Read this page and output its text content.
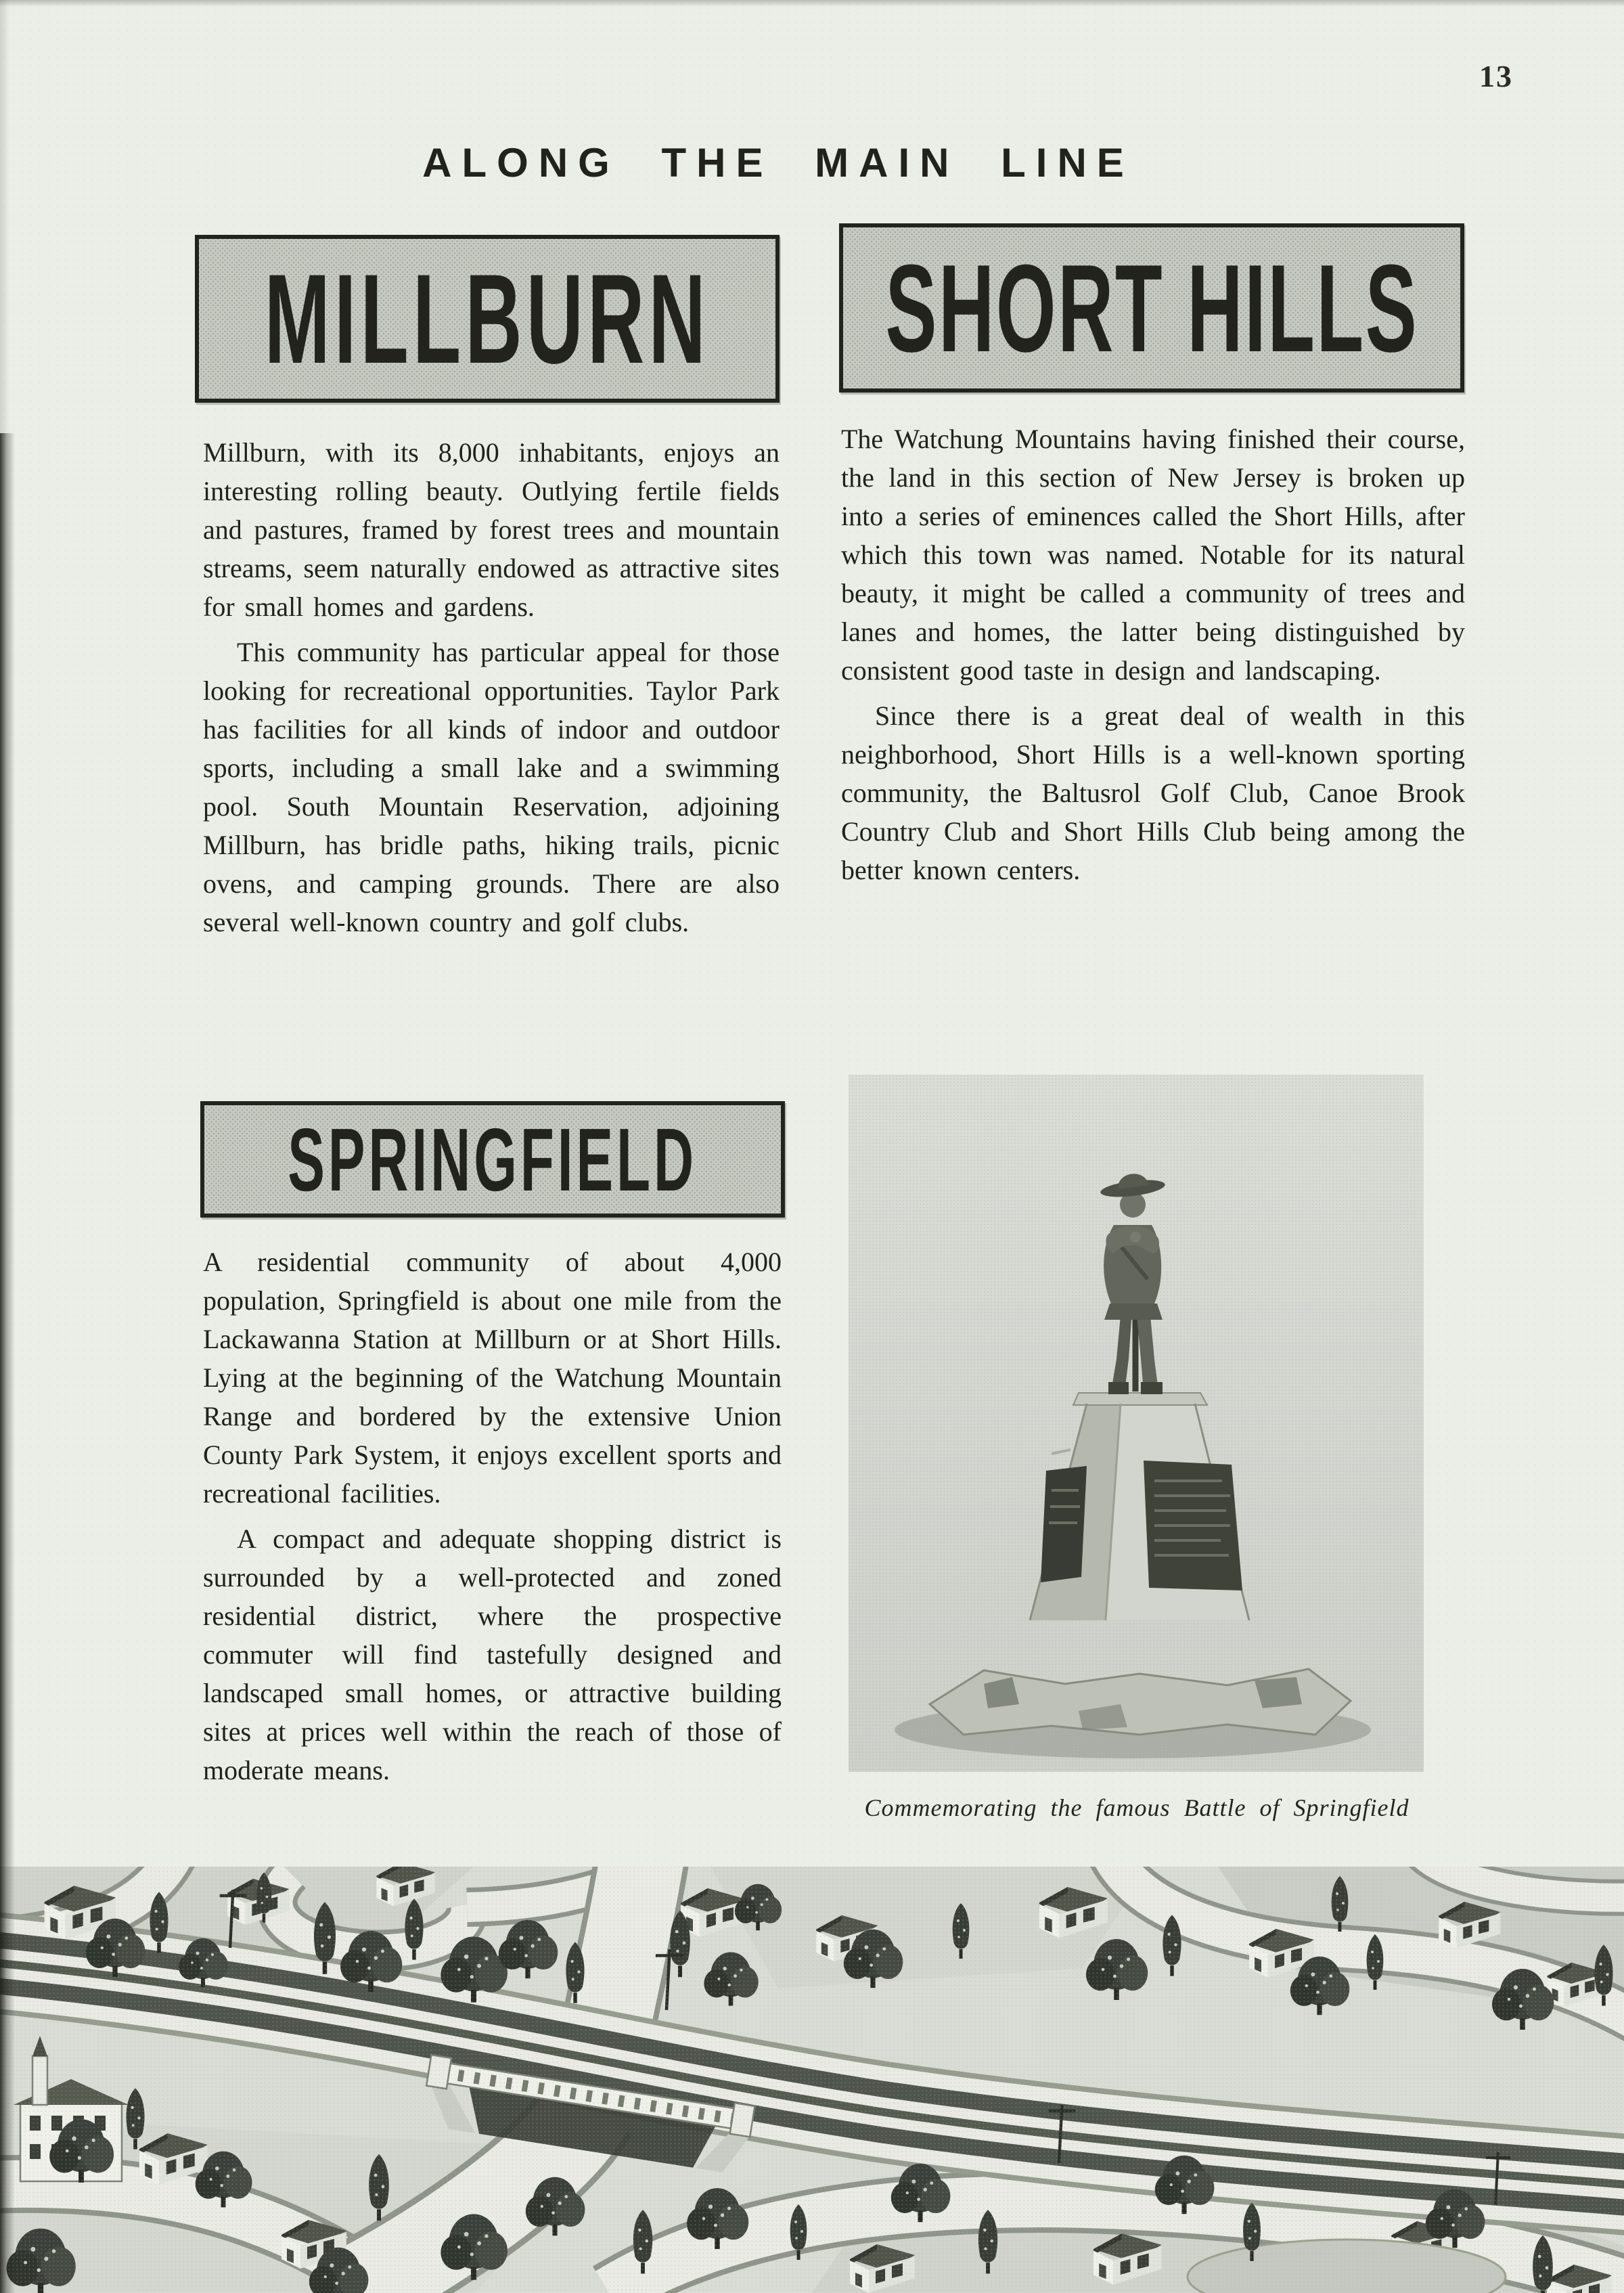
13
ALONG THE MAIN LINE
MILLBURN SHORT HILLS

Millburn, with its 8,000 inhabitants, enjoys an interesting rolling beauty. Outlying fertile fields and pastures, framed by forest trees and mountain streams, seem naturally endowed as attractive sites for small homes and gardens.

This community has particular appeal for those looking for recreational opportunities. Taylor Park has facilities for all kinds of indoor and outdoor sports, including a small lake and a swimming pool. South Mountain Reservation, adjoining Millburn, has bridle paths, hiking trails, picnic ovens, and camping grounds. There are also several well-known country and golf clubs.

The Watchung Mountains having finished their course, the land in this section of New Jersey is broken up into a series of eminences called the Short Hills, after which this town was named. Notable for its natural beauty, it might be called a community of trees and lanes and homes, the latter being distinguished by consistent good taste in design and landscaping.

Since there is a great deal of wealth in this neighborhood, Short Hills is a well-known sporting community, the Baltusrol Golf Club, Canoe Brook Country Club and Short Hills Club being among the better known centers.

SPRINGFIELD

A residential community of about 4,000 population, Springfield is about one mile from the Lackawanna Station at Millburn or at Short Hills. Lying at the beginning of the Watchung Mountain Range and bordered by the extensive Union County Park System, it enjoys excellent sports and recreational facilities.

A compact and adequate shopping district is surrounded by a well-protected and zoned residential district, where the prospective commuter will find tastefully designed and landscaped small homes, or attractive building sites at prices well within the reach of those of moderate means.

Commemorating the famous Battle of Springfield
